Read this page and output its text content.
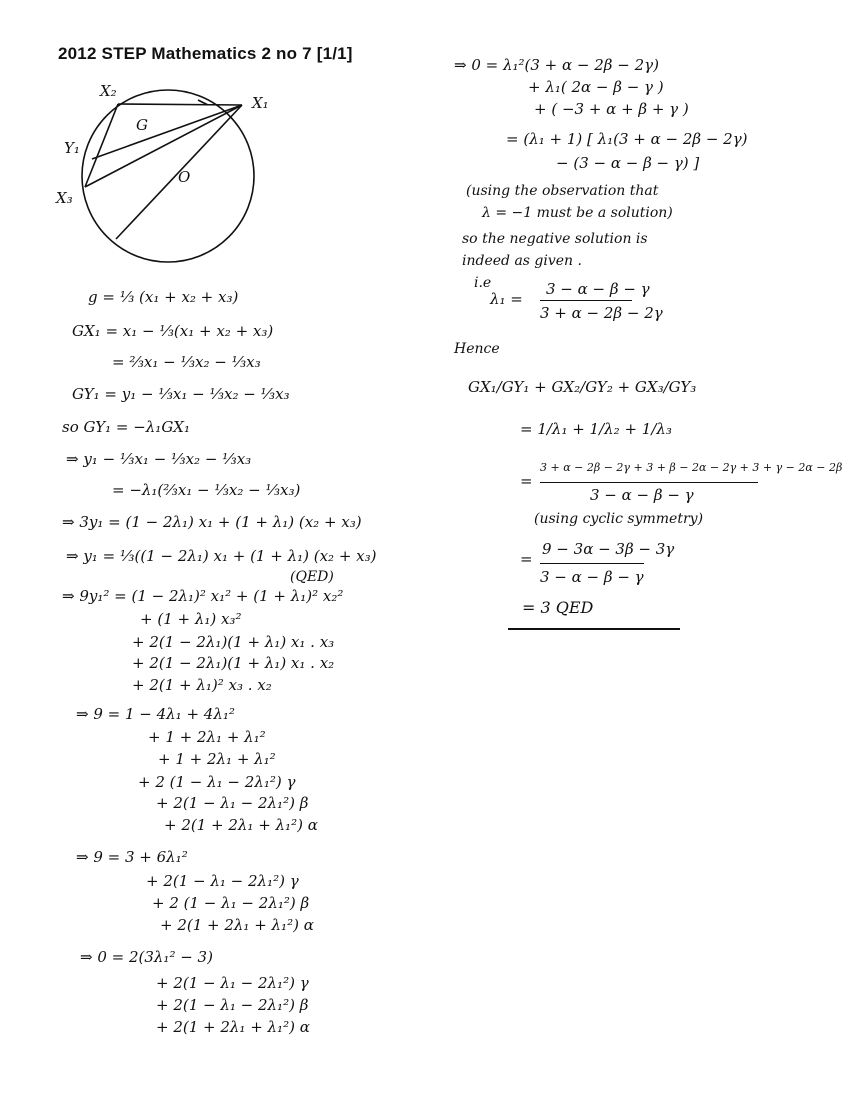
2012 STEP Mathematics 2 no 7 [1/1]
X₂
X₁
G
Y₁
O
X₃
g = ⅓ (x₁ + x₂ + x₃)
GX₁ = x₁ − ⅓(x₁ + x₂ + x₃)
= ⅔x₁ − ⅓x₂ − ⅓x₃
GY₁ = y₁ − ⅓x₁ − ⅓x₂ − ⅓x₃
so GY₁ = −λ₁GX₁
⇒ y₁ − ⅓x₁ − ⅓x₂ − ⅓x₃
= −λ₁(⅔x₁ − ⅓x₂ − ⅓x₃)
⇒ 3y₁ = (1 − 2λ₁) x₁ + (1 + λ₁) (x₂ + x₃)
⇒ y₁ = ⅓((1 − 2λ₁) x₁ + (1 + λ₁) (x₂ + x₃)
(QED)
⇒ 9y₁² = (1 − 2λ₁)² x₁² + (1 + λ₁)² x₂²
+ (1 + λ₁) x₃²
+ 2(1 − 2λ₁)(1 + λ₁) x₁ . x₃
+ 2(1 − 2λ₁)(1 + λ₁) x₁ . x₂
+ 2(1 + λ₁)² x₃ . x₂
⇒ 9 = 1 − 4λ₁ + 4λ₁²
+ 1 + 2λ₁ + λ₁²
+ 1 + 2λ₁ + λ₁²
+ 2 (1 − λ₁ − 2λ₁²) γ
+ 2(1 − λ₁ − 2λ₁²) β
+ 2(1 + 2λ₁ + λ₁²) α
⇒ 9 = 3 + 6λ₁²
+ 2(1 − λ₁ − 2λ₁²) γ
+ 2 (1 − λ₁ − 2λ₁²) β
+ 2(1 + 2λ₁ + λ₁²) α
⇒ 0 = 2(3λ₁² − 3)
+ 2(1 − λ₁ − 2λ₁²) γ
+ 2(1 − λ₁ − 2λ₁²) β
+ 2(1 + 2λ₁ + λ₁²) α
⇒ 0 = λ₁²(3 + α − 2β − 2γ)
+ λ₁( 2α − β − γ )
+ ( −3 + α + β + γ )
= (λ₁ + 1) [ λ₁(3 + α − 2β − 2γ)
− (3 − α − β − γ) ]
(using the observation that
λ = −1 must be a solution)
so the negative solution is
indeed as given .
i.e
λ₁ =
3 − α − β − γ
3 + α − 2β − 2γ
Hence
GX₁/GY₁ + GX₂/GY₂ + GX₃/GY₃
= 1/λ₁ + 1/λ₂ + 1/λ₃
=
3 + α − 2β − 2γ + 3 + β − 2α − 2γ + 3 + γ − 2α − 2β
3 − α − β − γ
(using cyclic symmetry)
=
9 − 3α − 3β − 3γ
3 − α − β − γ
= 3 QED
